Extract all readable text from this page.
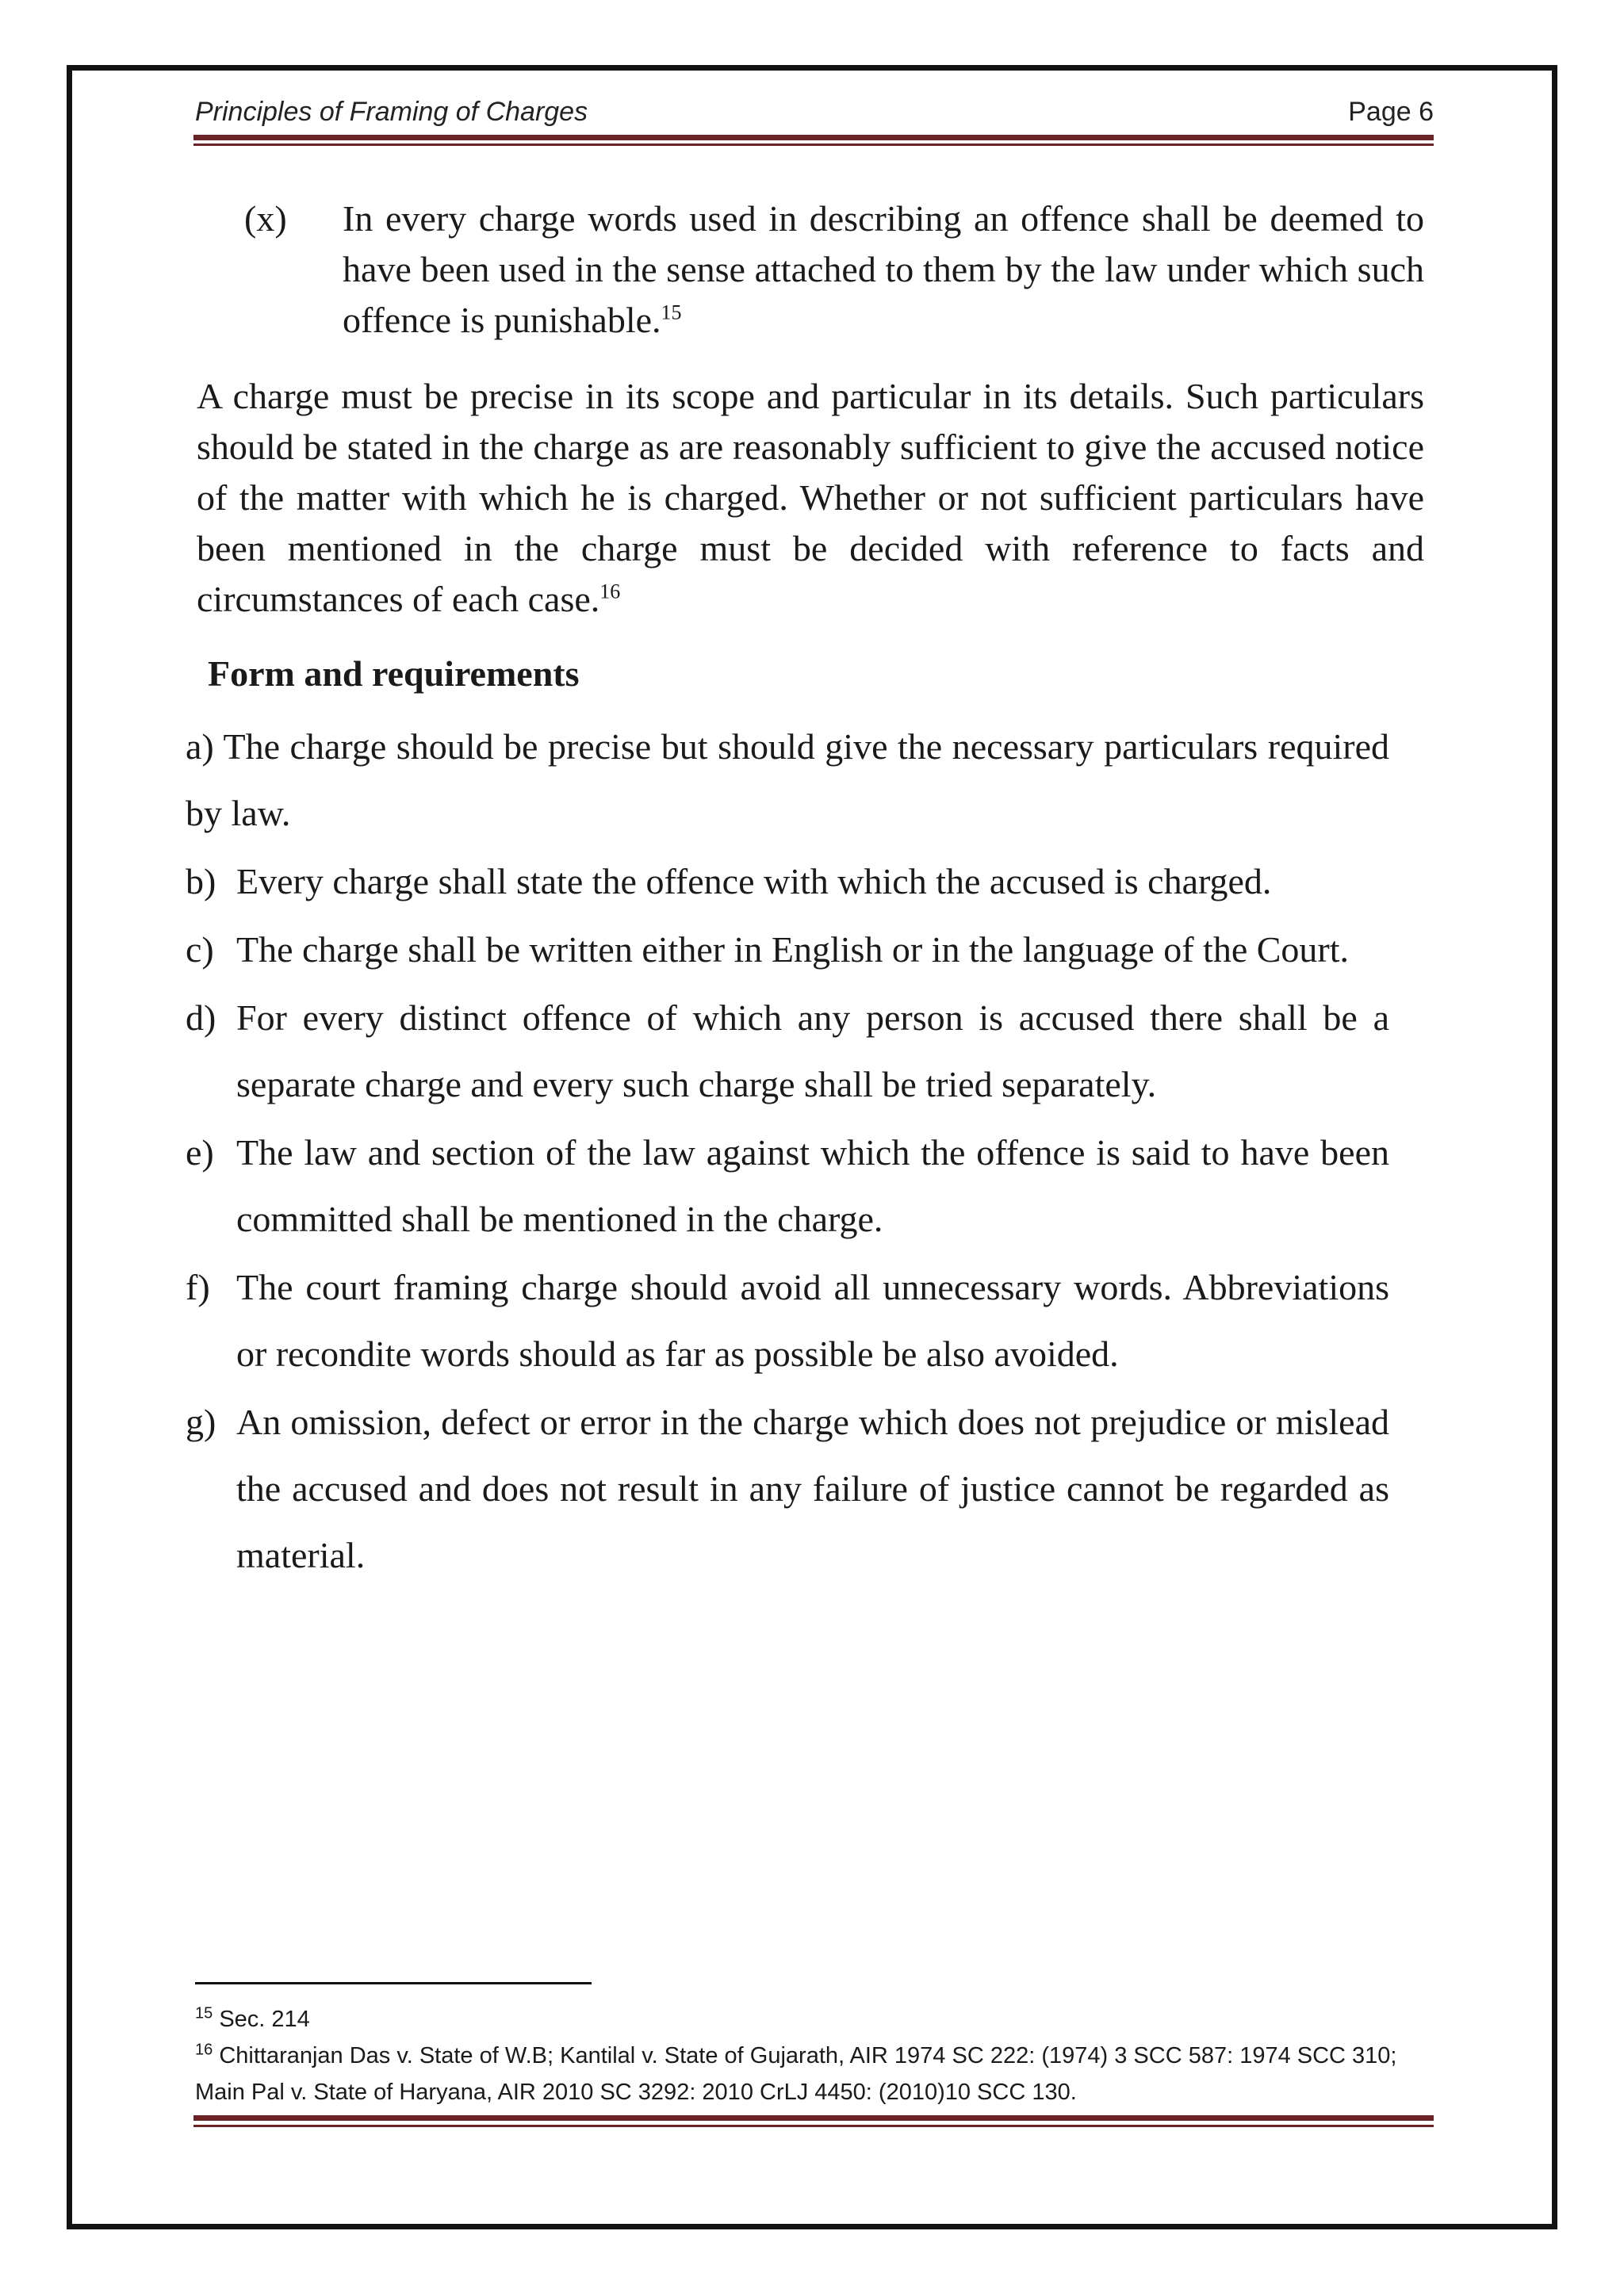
Principles of Framing of Charges	Page 6
(x) In every charge words used in describing an offence shall be deemed to have been used in the sense attached to them by the law under which such offence is punishable.$^{15}$
A charge must be precise in its scope and particular in its details. Such particulars should be stated in the charge as are reasonably sufficient to give the accused notice of the matter with which he is charged. Whether or not sufficient particulars have been mentioned in the charge must be decided with reference to facts and circumstances of each case.$^{16}$
Form and requirements
a) The charge should be precise but should give the necessary particulars required by law.
b) Every charge shall state the offence with which the accused is charged.
c) The charge shall be written either in English or in the language of the Court.
d) For every distinct offence of which any person is accused there shall be a separate charge and every such charge shall be tried separately.
e) The law and section of the law against which the offence is said to have been committed shall be mentioned in the charge.
f) The court framing charge should avoid all unnecessary words. Abbreviations or recondite words should as far as possible be also avoided.
g) An omission, defect or error in the charge which does not prejudice or mislead the accused and does not result in any failure of justice cannot be regarded as material.
$^{15}$ Sec. 214
$^{16}$ Chittaranjan Das v. State of W.B; Kantilal v. State of Gujarath, AIR 1974 SC 222: (1974) 3 SCC 587: 1974 SCC 310; Main Pal v. State of Haryana, AIR 2010 SC 3292: 2010 CrLJ 4450: (2010)10 SCC 130.
